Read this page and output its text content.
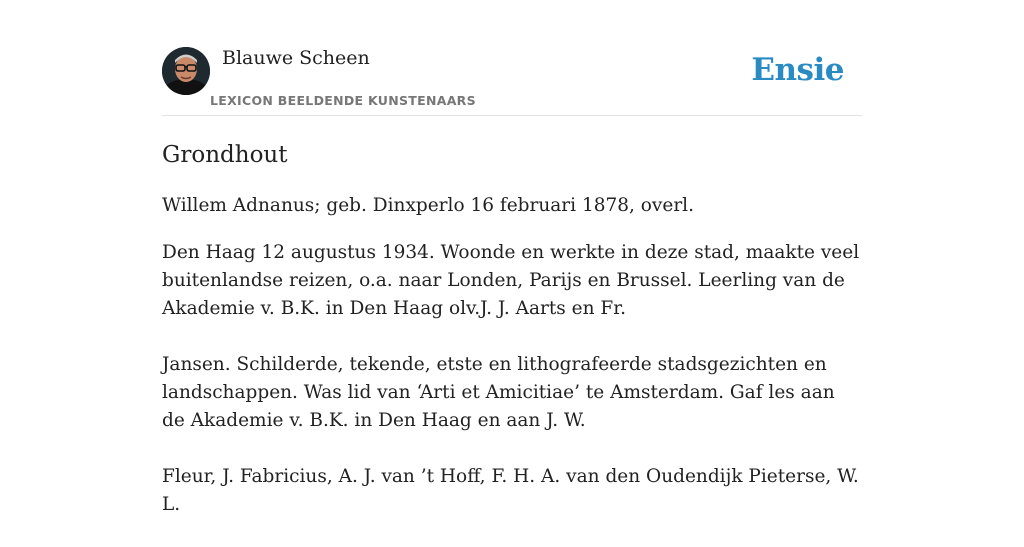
Blauwe Scheen
LEXICON BEELDENDE KUNSTENAARS
Ensie
Grondhout

Willem Adnanus; geb. Dinxperlo 16 februari 1878, overl.

Den Haag 12 augustus 1934. Woonde en werkte in deze stad, maakte veel buitenlandse reizen, o.a. naar Londen, Parijs en Brussel. Leerling van de Akademie v. B.K. in Den Haag olv.J. J. Aarts en Fr.

Jansen. Schilderde, tekende, etste en lithografeerde stadsgezichten en landschappen. Was lid van ‘Arti et Amicitiae’ te Amsterdam. Gaf les aan de Akademie v. B.K. in Den Haag en aan J. W.

Fleur, J. Fabricius, A. J. van ’t Hoff, F. H. A. van den Oudendijk Pieterse, W. L.
